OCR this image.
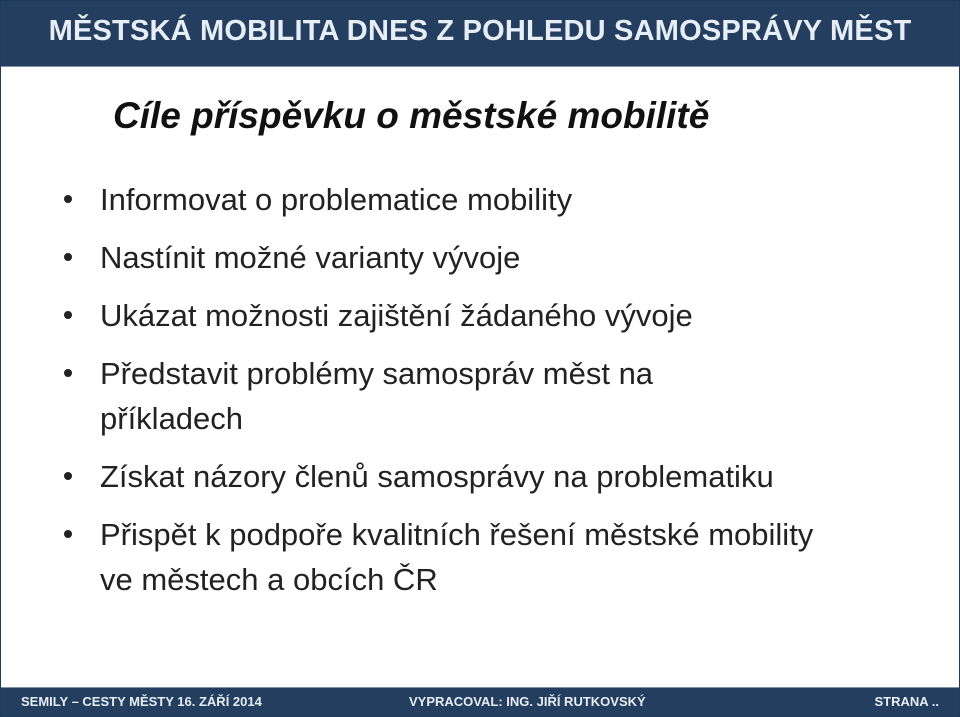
MĚSTSKÁ MOBILITA DNES Z POHLEDU SAMOSPRÁVY MĚST
Cíle příspěvku o městské mobilitě
Informovat o problematice mobility
Nastínit možné varianty vývoje
Ukázat možnosti zajištění žádaného vývoje
Představit problémy samospráv měst na příkladech
Získat názory členů samosprávy na problematiku
Přispět k podpoře kvalitních řešení městské mobility ve městech a obcích ČR
SEMILY – CESTY MĚSTY 16. ZÁŘÍ 2014	VYPRACOVAL: ING. JIŘÍ RUTKOVSKÝ	STRANA ..
